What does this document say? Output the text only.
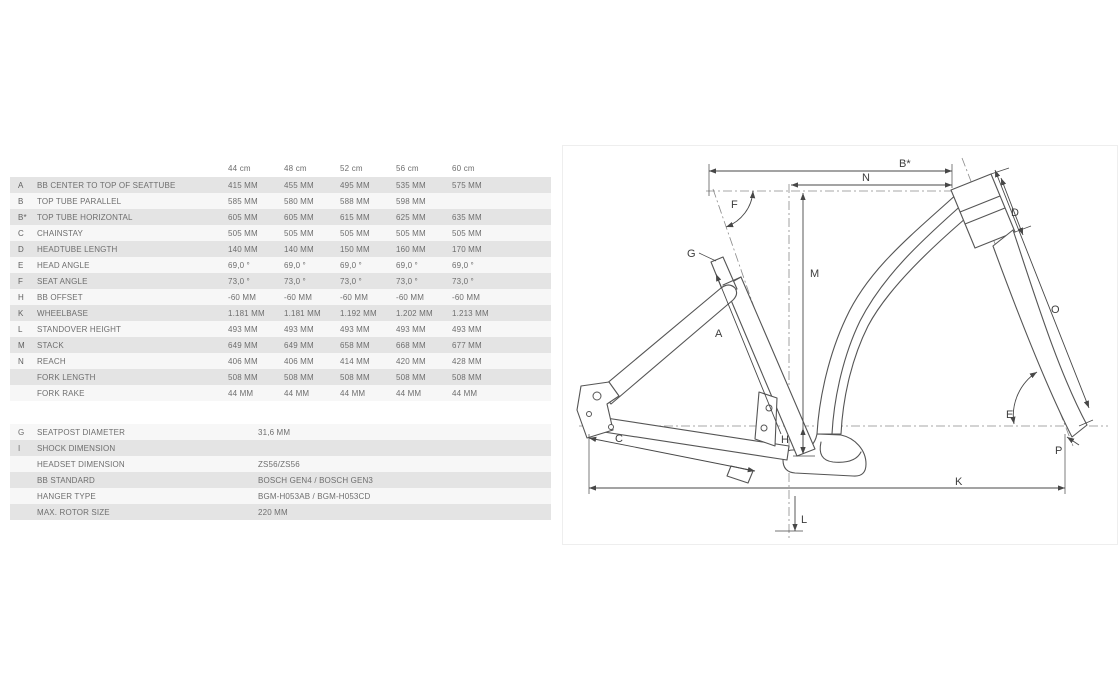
44 cm	48 cm	52 cm	56 cm	60 cm
A	BB CENTER TO TOP OF SEATTUBE	415 MM	455 MM	495 MM	535 MM	575 MM
B	TOP TUBE PARALLEL	585 MM	580 MM	588 MM	598 MM
B*	TOP TUBE HORIZONTAL	605 MM	605 MM	615 MM	625 MM	635 MM
C	CHAINSTAY	505 MM	505 MM	505 MM	505 MM	505 MM
D	HEADTUBE LENGTH	140 MM	140 MM	150 MM	160 MM	170 MM
E	HEAD ANGLE	69,0 °	69,0 °	69,0 °	69,0 °	69,0 °
F	SEAT ANGLE	73,0 °	73,0 °	73,0 °	73,0 °	73,0 °
H	BB OFFSET	-60 MM	-60 MM	-60 MM	-60 MM	-60 MM
K	WHEELBASE	1.181 MM	1.181 MM	1.192 MM	1.202 MM	1.213 MM
L	STANDOVER HEIGHT	493 MM	493 MM	493 MM	493 MM	493 MM
M	STACK	649 MM	649 MM	658 MM	668 MM	677 MM
N	REACH	406 MM	406 MM	414 MM	420 MM	428 MM
FORK LENGTH	508 MM	508 MM	508 MM	508 MM	508 MM
FORK RAKE	44 MM	44 MM	44 MM	44 MM	44 MM
G	SEATPOST DIAMETER	31,6 MM
I	SHOCK DIMENSION
HEADSET DIMENSION	ZS56/ZS56
BB STANDARD	BOSCH GEN4 / BOSCH GEN3
HANGER TYPE	BGM-H053AB / BGM-H053CD
MAX. ROTOR SIZE	220 MM
B*
N
F
G
M
D
A
O
E
H
C
P
K
L
